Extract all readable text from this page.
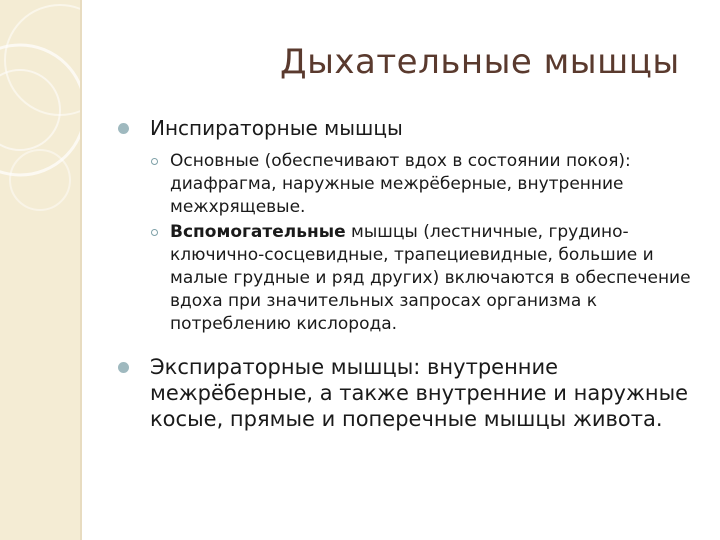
Дыхательные мышцы
Инспираторные мышцы
Основные (обеспечивают вдох в состоянии покоя): диафрагма, наружные межрёберные, внутренние межхрящевые.
Вспомогательные мышцы (лестничные, грудино-ключично-сосцевидные, трапециевидные, большие и малые грудные и ряд других) включаются в обеспечение вдоха при значительных запросах организма к потреблению кислорода.
Экспираторные мышцы: внутренние межрёберные, а также внутренние и наружные косые, прямые и поперечные мышцы живота.
